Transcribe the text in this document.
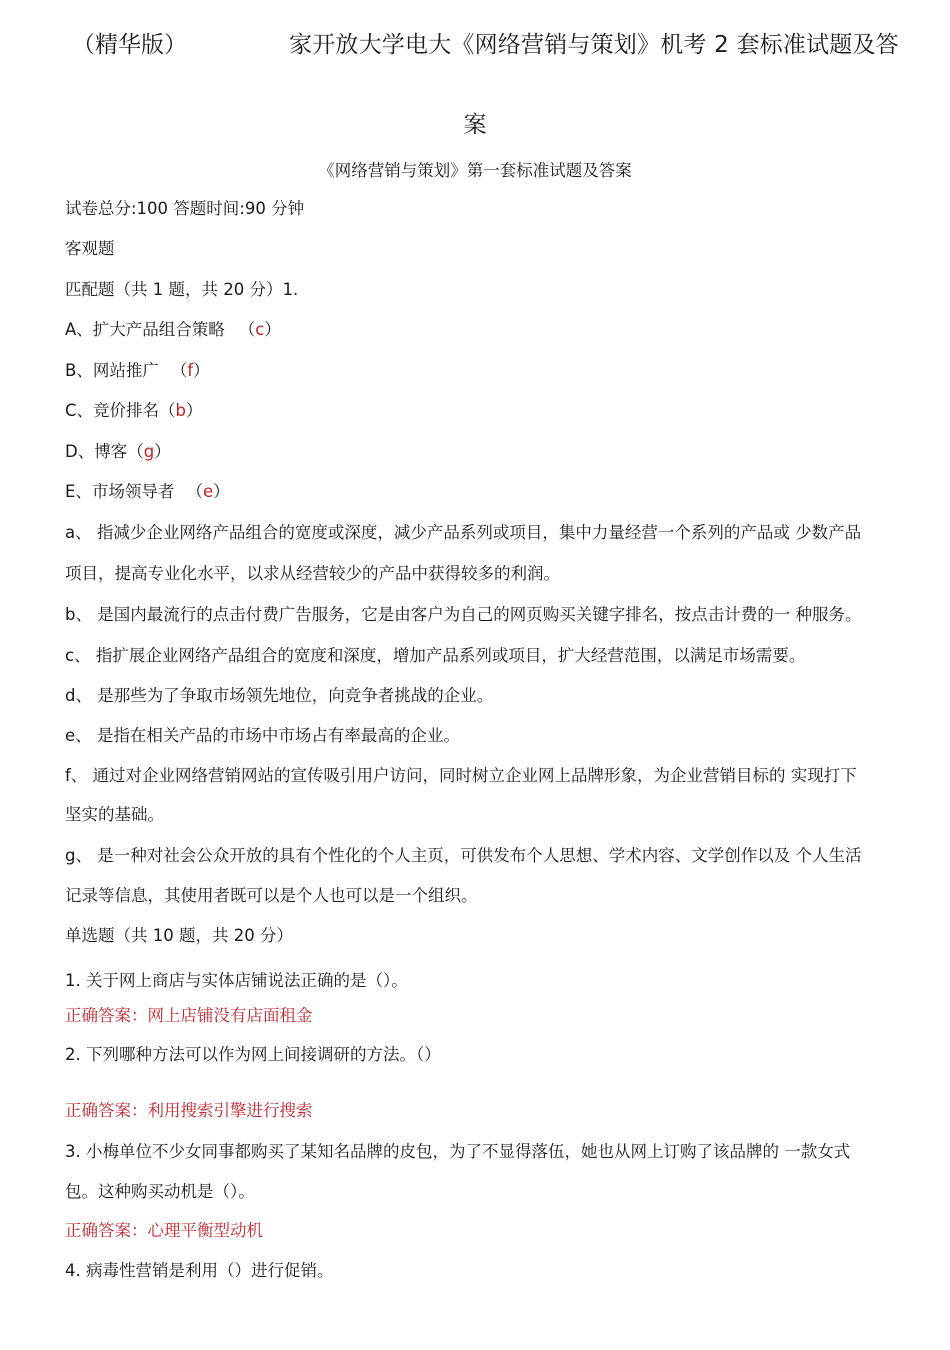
（精华版）	家开放大学电大《网络营销与策划》机考 2 套标准试题及答
案
《网络营销与策划》第一套标准试题及答案
试卷总分:100 答题时间:90 分钟
客观题
匹配题（共 1 题，共 20 分）1.
A、扩大产品组合策略 （c）
B、网站推广 （f）
C、竞价排名（b）
D、博客（g）
E、市场领导者 （e）
a、 指减少企业网络产品组合的宽度或深度，减少产品系列或项目，集中力量经营一个系列的产品或 少数产品
项目，提高专业化水平，以求从经营较少的产品中获得较多的利润。
b、 是国内最流行的点击付费广告服务，它是由客户为自己的网页购买关键字排名，按点击计费的一 种服务。
c、 指扩展企业网络产品组合的宽度和深度，增加产品系列或项目，扩大经营范围，以满足市场需要。
d、 是那些为了争取市场领先地位，向竞争者挑战的企业。
e、 是指在相关产品的市场中市场占有率最高的企业。
f、 通过对企业网络营销网站的宣传吸引用户访问，同时树立企业网上品牌形象，为企业营销目标的 实现打下
坚实的基础。
g、 是一种对社会公众开放的具有个性化的个人主页，可供发布个人思想、学术内容、文学创作以及 个人生活
记录等信息，其使用者既可以是个人也可以是一个组织。
单选题（共 10 题，共 20 分）
1. 关于网上商店与实体店铺说法正确的是（）。
正确答案：网上店铺没有店面租金
2. 下列哪种方法可以作为网上间接调研的方法。（）
正确答案：利用搜索引擎进行搜索
3. 小梅单位不少女同事都购买了某知名品牌的皮包，为了不显得落伍，她也从网上订购了该品牌的 一款女式
包。这种购买动机是（）。
正确答案：心理平衡型动机
4. 病毒性营销是利用（）进行促销。
